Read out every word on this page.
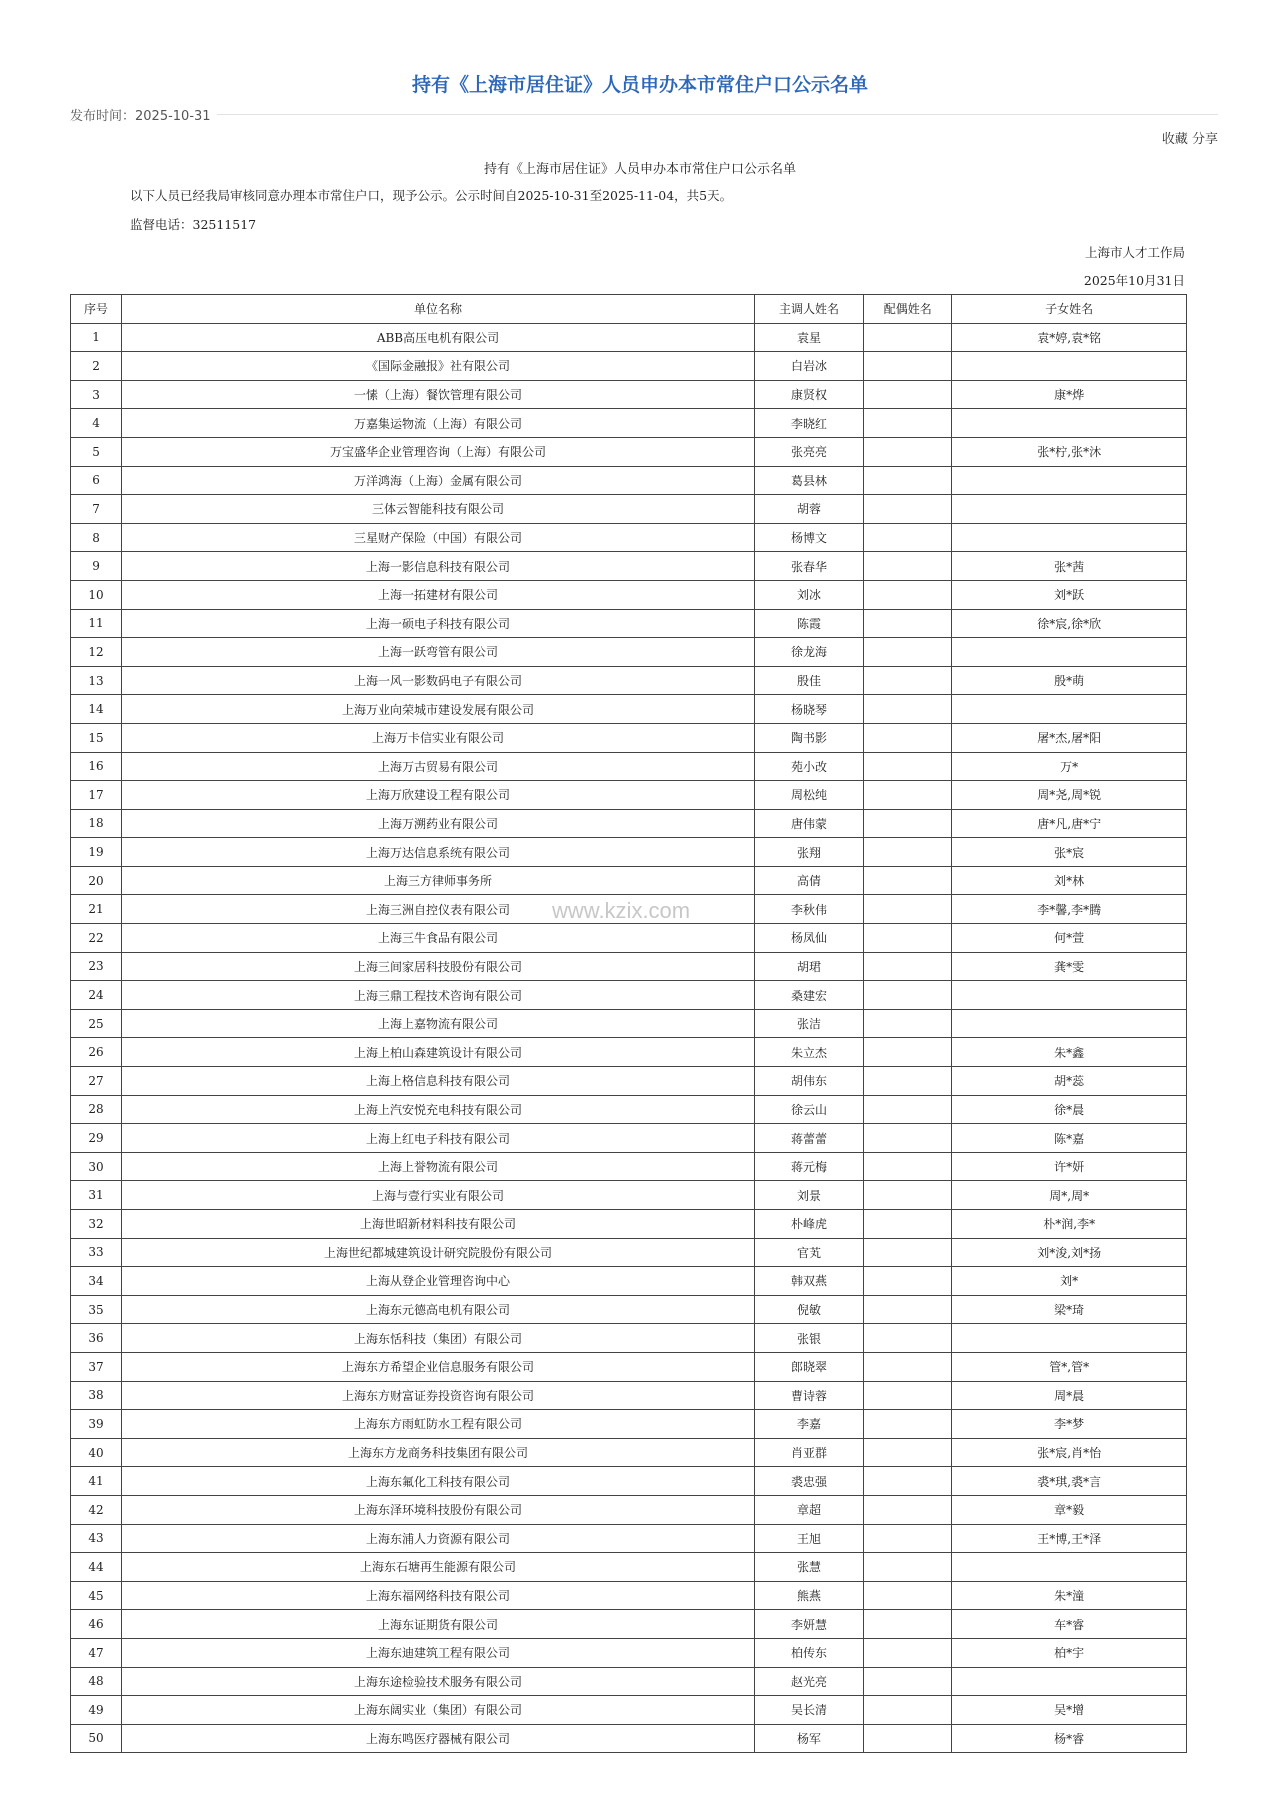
持有《上海市居住证》人员申办本市常住户口公示名单
发布时间：2025-10-31
收藏 分享
持有《上海市居住证》人员申办本市常住户口公示名单
以下人员已经我局审核同意办理本市常住户口，现予公示。公示时间自2025-10-31至2025-11-04，共5天。
监督电话：32511517
上海市人才工作局
2025年10月31日
序号	单位名称	主调人姓名	配偶姓名	子女姓名
1	ABB高压电机有限公司	袁星		袁*婷,袁*铭
2	《国际金融报》社有限公司	白岩冰		
3	一愫（上海）餐饮管理有限公司	康贤权		康*烨
4	万嘉集运物流（上海）有限公司	李晓红		
5	万宝盛华企业管理咨询（上海）有限公司	张亮亮		张*柠,张*沐
6	万洋鸿海（上海）金属有限公司	葛县林		
7	三体云智能科技有限公司	胡蓉		
8	三星财产保险（中国）有限公司	杨博文		
9	上海一影信息科技有限公司	张春华		张*茜
10	上海一拓建材有限公司	刘冰		刘*跃
11	上海一硕电子科技有限公司	陈霞		徐*宸,徐*欣
12	上海一跃弯管有限公司	徐龙海		
13	上海一风一影数码电子有限公司	殷佳		殷*萌
14	上海万业向荣城市建设发展有限公司	杨晓琴		
15	上海万卡信实业有限公司	陶书影		屠*杰,屠*阳
16	上海万古贸易有限公司	苑小改		万*
17	上海万欣建设工程有限公司	周松纯		周*尧,周*锐
18	上海万溯药业有限公司	唐伟蒙		唐*凡,唐*宁
19	上海万达信息系统有限公司	张翔		张*宸
20	上海三方律师事务所	高倩		刘*林
21	上海三洲自控仪表有限公司	李秋伟		李*馨,李*腾
22	上海三牛食品有限公司	杨凤仙		何*萱
23	上海三间家居科技股份有限公司	胡珺		龚*雯
24	上海三鼎工程技术咨询有限公司	桑建宏		
25	上海上嘉物流有限公司	张洁		
26	上海上柏山森建筑设计有限公司	朱立杰		朱*鑫
27	上海上格信息科技有限公司	胡伟东		胡*蕊
28	上海上汽安悦充电科技有限公司	徐云山		徐*晨
29	上海上红电子科技有限公司	蒋蕾蕾		陈*嘉
30	上海上誉物流有限公司	蒋元梅		许*妍
31	上海与壹行实业有限公司	刘景		周*,周*
32	上海世昭新材料科技有限公司	朴峰虎		朴*润,李*
33	上海世纪都城建筑设计研究院股份有限公司	官芄		刘*浚,刘*扬
34	上海从登企业管理咨询中心	韩双燕		刘*
35	上海东元德高电机有限公司	倪敏		梁*琦
36	上海东恬科技（集团）有限公司	张银		
37	上海东方希望企业信息服务有限公司	郎晓翠		管*,管*
38	上海东方财富证券投资咨询有限公司	曹诗蓉		周*晨
39	上海东方雨虹防水工程有限公司	李嘉		李*梦
40	上海东方龙商务科技集团有限公司	肖亚群		张*宸,肖*怡
41	上海东氟化工科技有限公司	裘忠强		裘*琪,裘*言
42	上海东泽环境科技股份有限公司	章超		章*毅
43	上海东浦人力资源有限公司	王旭		王*博,王*泽
44	上海东石塘再生能源有限公司	张慧		
45	上海东福网络科技有限公司	熊燕		朱*潼
46	上海东证期货有限公司	李妍慧		车*睿
47	上海东迪建筑工程有限公司	柏传东		柏*宇
48	上海东途检验技术服务有限公司	赵光亮		
49	上海东阔实业（集团）有限公司	吴长清		吴*增
50	上海东鸣医疗器械有限公司	杨军		杨*睿
www.kzix.com
